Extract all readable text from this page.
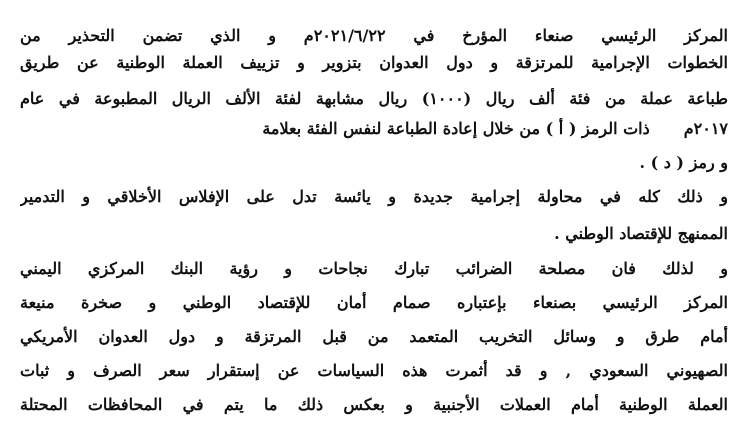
المركز الرئيسي صنعاء المؤرخ في ٢٠٢١/٦/٢٢م و الذي تضمن التحذير من
الخطوات الإجرامية للمرتزقة و دول العدوان بتزوير و تزييف العملة الوطنية عن طريق
طباعة عملة من فئة ألف ريال (١٠٠٠) ريال مشابهة لفئة الألف الريال المطبوعة في عام
٢٠١٧مذات الرمز ( أ ) من خلال إعادة الطباعة لنفس الفئة بعلامة
و رمز ( د ) .
و ذلك كله في محاولة إجرامية جديدة و يائسة تدل على الإفلاس الأخلاقي و التدمير
الممنهج للإقتصاد الوطني .
و لذلك فان مصلحة الضرائب تبارك نجاحات و رؤية البنك المركزي اليمني
المركز الرئيسي بصنعاء بإعتباره صمام أمان للإقتصاد الوطني و صخرة منيعة
أمام طرق و وسائل التخريب المتعمد من قبل المرتزقة و دول العدوان الأمريكي
الصهيوني السعودي , و قد أثمرت هذه السياسات عن إستقرار سعر الصرف و ثبات
العملة الوطنية أمام العملات الأجنبية و بعكس ذلك ما يتم في المحافظات المحتلة
